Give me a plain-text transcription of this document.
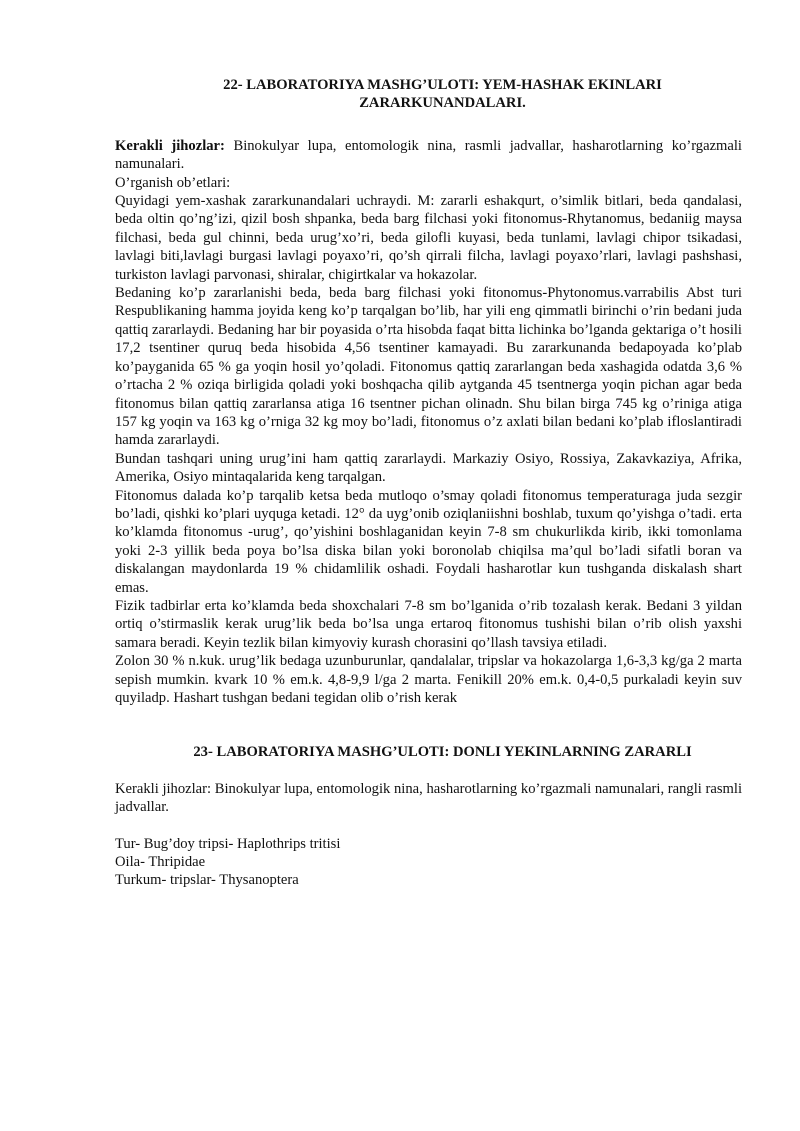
22- LABORATORIYA MASHG’ULOTI: YEM-HASHAK EKINLARI
ZARARKUNANDALARI.

Kerakli jihozlar: Binokulyar lupa, entomologik nina, rasmli jadvallar, hasharotlarning ko’rgazmali namunalari.

O’rganish ob’etlari:

Quyidagi yem-xashak zararkunandalari uchraydi. M: zararli eshakqurt, o’simlik bitlari, beda qandalasi, beda oltin qo’ng’izi, qizil bosh shpanka, beda barg filchasi yoki fitonomus-Rhytanomus, bedaniig maysa filchasi, beda gul chinni, beda urug’xo’ri, beda gilofli kuyasi, beda tunlami, lavlagi chipor tsikadasi, lavlagi biti,lavlagi burgasi lavlagi poyaxo’ri, qo’sh qirrali filcha, lavlagi poyaxo’rlari, lavlagi pashshasi, turkiston lavlagi parvonasi, shiralar, chigirtkalar va hokazolar.

Bedaning ko’p zararlanishi beda, beda barg filchasi yoki fitonomus-Phytonomus.varrabilis Abst turi Respublikaning hamma joyida keng ko’p tarqalgan bo’lib, har yili eng qimmatli birinchi o’rin bedani juda qattiq zararlaydi. Bedaning har bir poyasida o’rta hisobda faqat bitta lichinka bo’lganda gektariga o’t hosili 17,2 tsentiner quruq beda hisobida 4,56 tsentiner kamayadi. Bu zararkunanda bedapoyada ko’plab ko’payganida 65 % ga yoqin hosil yo’qoladi. Fitonomus qattiq zararlangan beda xashagida odatda 3,6 % o’rtacha 2 % oziqa birligida qoladi yoki boshqacha qilib aytganda 45 tsentnerga yoqin pichan agar beda fitonomus bilan qattiq zararlansa atiga 16 tsentner pichan olinadn. Shu bilan birga 745 kg o’riniga atiga 157 kg yoqin va 163 kg o’rniga 32 kg moy bo’ladi, fitonomus o’z axlati bilan bedani ko’plab ifloslantiradi hamda zararlaydi.

Bundan tashqari uning urug’ini ham qattiq zararlaydi. Markaziy Osiyo, Rossiya, Zakavkaziya, Afrika, Amerika, Osiyo mintaqalarida keng tarqalgan.

Fitonomus dalada ko’p tarqalib ketsa beda mutloqo o’smay qoladi fitonomus temperaturaga juda sezgir bo’ladi, qishki ko’plari uyquga ketadi. 12° da uyg’onib oziqlaniishni boshlab, tuxum qo’yishga o’tadi. erta ko’klamda fitonomus -urug’, qo’yishini boshlaganidan keyin 7-8 sm chukurlikda kirib, ikki tomonlama yoki 2-3 yillik beda poya bo’lsa diska bilan yoki boronolab chiqilsa ma’qul bo’ladi sifatli boran va diskalangan maydonlarda 19 % chidamlilik oshadi. Foydali hasharotlar kun tushganda diskalash shart emas.

Fizik tadbirlar erta ko’klamda beda shoxchalari 7-8 sm bo’lganida o’rib tozalash kerak. Bedani 3 yildan ortiq o’stirmaslik kerak urug’lik beda bo’lsa unga ertaroq fitonomus tushishi bilan o’rib olish yaxshi samara beradi. Keyin tezlik bilan kimyoviy kurash chorasini qo’llash tavsiya etiladi.

Zolon 30 % n.kuk. urug’lik bedaga uzunburunlar, qandalalar, tripslar va hokazolarga 1,6-3,3 kg/ga 2 marta sepish mumkin. kvark 10 % em.k. 4,8-9,9 l/ga 2 marta. Fenikill 20% em.k. 0,4-0,5 purkaladi keyin suv quyiladp. Hashart tushgan bedani tegidan olib o’rish kerak

23- LABORATORIYA MASHG’ULOTI: DONLI YEKINLARNING ZARARLI

Kerakli jihozlar: Binokulyar lupa, entomologik nina, hasharotlarning ko’rgazmali namunalari, rangli rasmli jadvallar.

Tur- Bug’doy tripsi- Haplothrips tritisi

Oila- Thripidae

Turkum- tripslar- Thysanoptera
